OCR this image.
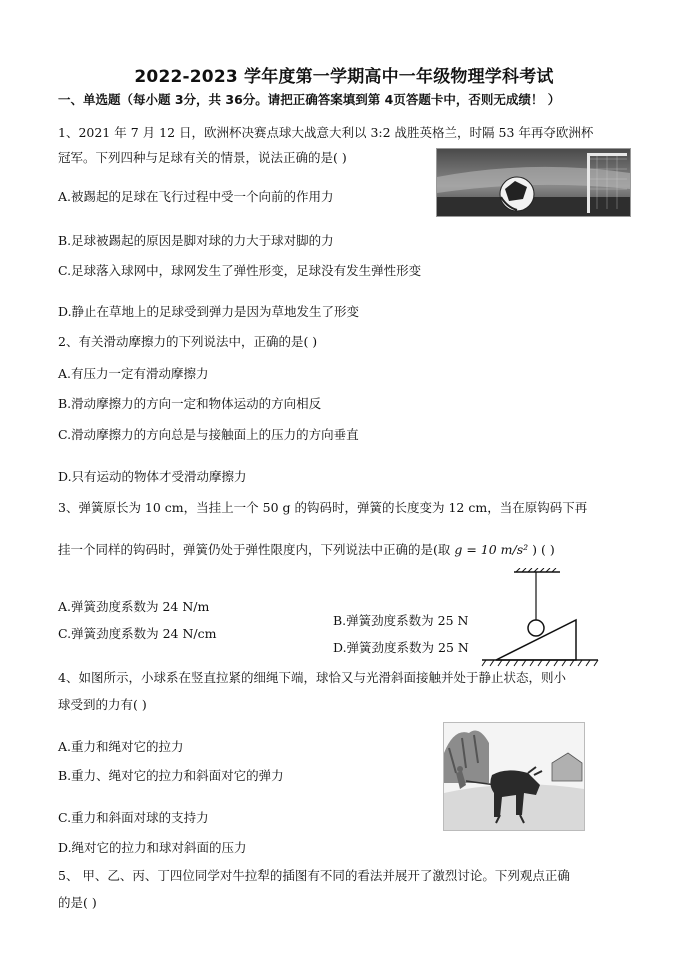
2022-2023 学年度第一学期高中一年级物理学科考试
一、单选题（每小题 3分，共 36分。请把正确答案填到第 4页答题卡中，否则无成绩！ ）
1、2021 年 7 月 12 日，欧洲杯决赛点球大战意大利以 3:2 战胜英格兰，时隔 53 年再夺欧洲杯
冠军。下列四种与足球有关的情景，说法正确的是( )
A.被踢起的足球在飞行过程中受一个向前的作用力
B.足球被踢起的原因是脚对球的力大于球对脚的力
C.足球落入球网中，球网发生了弹性形变，足球没有发生弹性形变
D.静止在草地上的足球受到弹力是因为草地发生了形变
2、有关滑动摩擦力的下列说法中，正确的是( )
A.有压力一定有滑动摩擦力
B.滑动摩擦力的方向一定和物体运动的方向相反
C.滑动摩擦力的方向总是与接触面上的压力的方向垂直
D.只有运动的物体才受滑动摩擦力
3、弹簧原长为 10 cm，当挂上一个 50 g 的钩码时，弹簧的长度变为 12 cm，当在原钩码下再
挂一个同样的钩码时，弹簧仍处于弹性限度内，下列说法中正确的是(取 g = 10 m/s² ) ( )
A.弹簧劲度系数为 24 N/m
B.弹簧劲度系数为 25 N
C.弹簧劲度系数为 24 N/cm
D.弹簧劲度系数为 25 N
4、如图所示，小球系在竖直拉紧的细绳下端，球恰又与光滑斜面接触并处于静止状态，则小
球受到的力有( )
A.重力和绳对它的拉力
B.重力、绳对它的拉力和斜面对它的弹力
C.重力和斜面对球的支持力
D.绳对它的拉力和球对斜面的压力
5、 甲、乙、丙、丁四位同学对牛拉犁的插图有不同的看法并展开了激烈讨论。下列观点正确
的是( )
